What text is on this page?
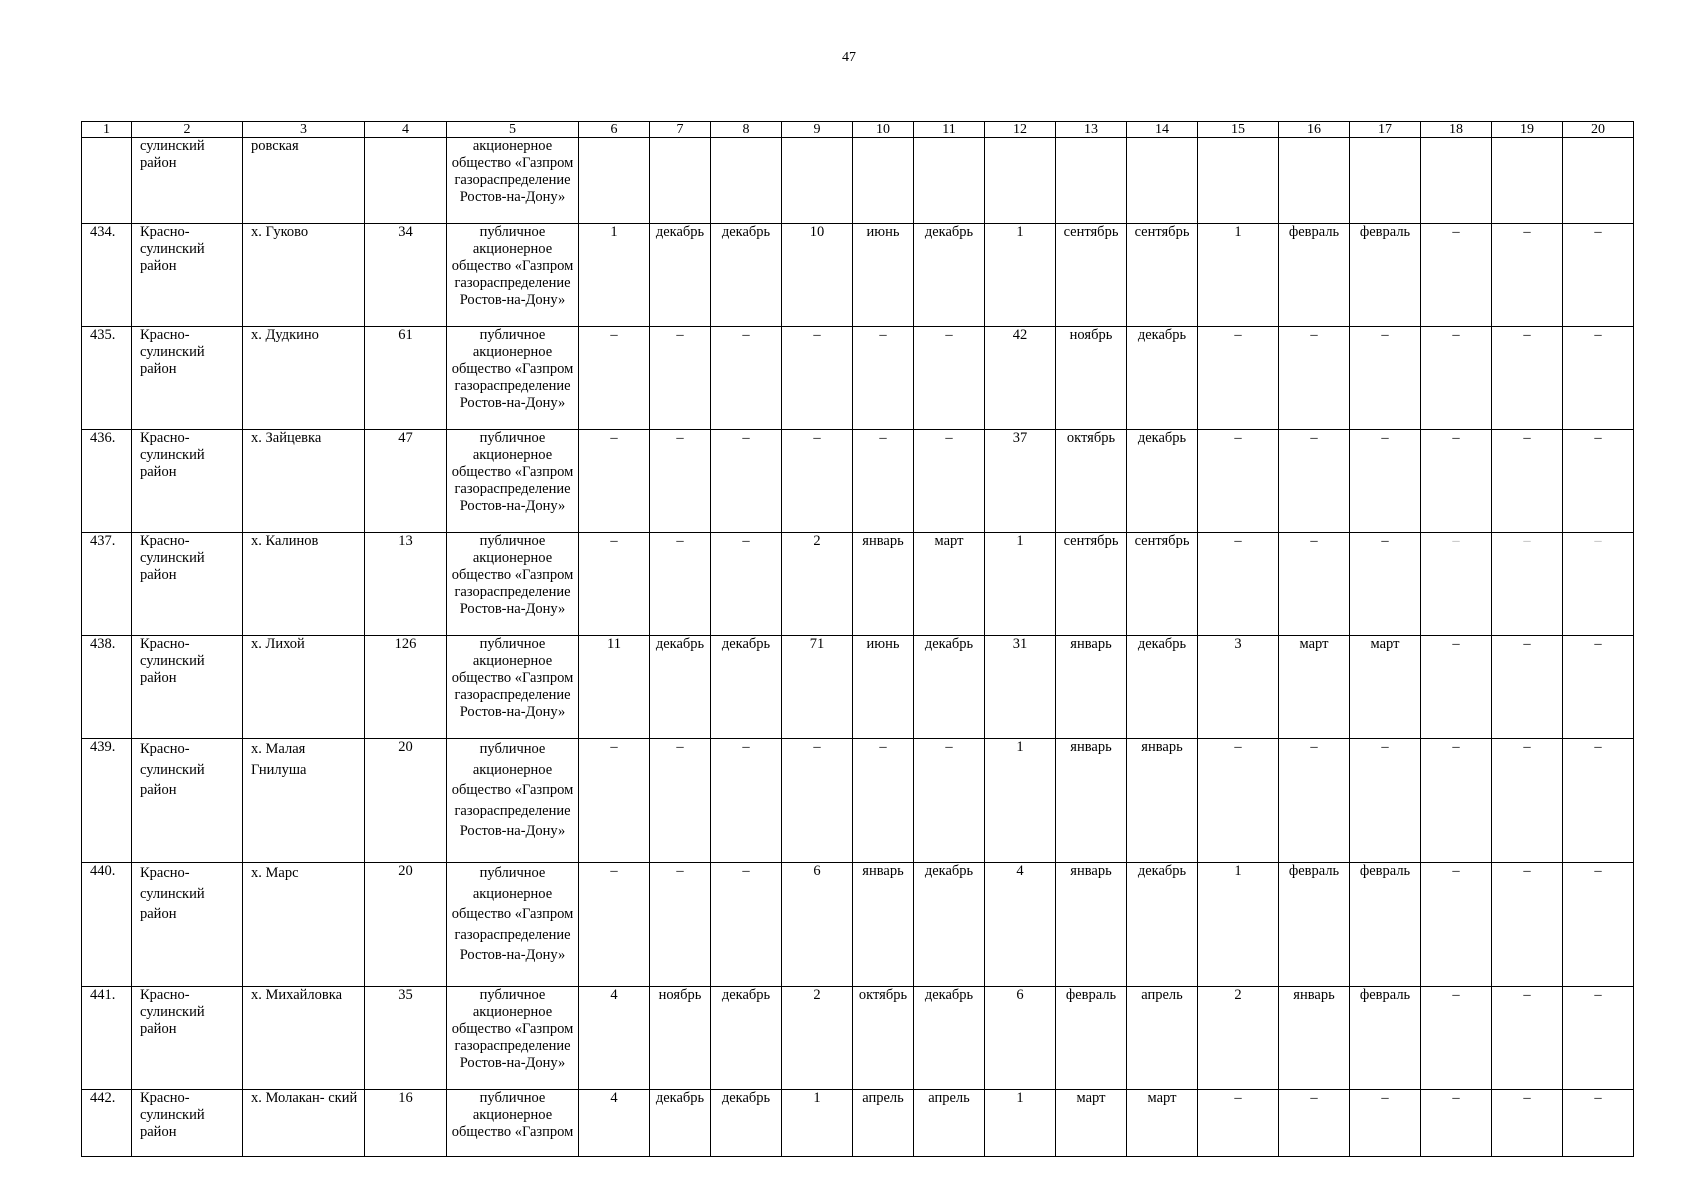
47
1	2	3	4	5	6	7	8	9	10	11	12	13	14	15	16	17	18	19	20
	сулинский район	ровская		акционерное общество «Газпром газораспределение Ростов-на-Дону»															
434.	Красно- сулинский район	х. Гуково	34	публичное акционерное общество «Газпром газораспределение Ростов-на-Дону»	1	декабрь	декабрь	10	июнь	декабрь	1	сентябрь	сентябрь	1	февраль	февраль	–	–	–
435.	Красно- сулинский район	х. Дудкино	61	публичное акционерное общество «Газпром газораспределение Ростов-на-Дону»	–	–	–	–	–	–	42	ноябрь	декабрь	–	–	–	–	–	–
436.	Красно- сулинский район	х. Зайцевка	47	публичное акционерное общество «Газпром газораспределение Ростов-на-Дону»	–	–	–	–	–	–	37	октябрь	декабрь	–	–	–	–	–	–
437.	Красно- сулинский район	х. Калинов	13	публичное акционерное общество «Газпром газораспределение Ростов-на-Дону»	–	–	–	2	январь	март	1	сентябрь	сентябрь	–	–	–	–	–	–
438.	Красно- сулинский район	х. Лихой	126	публичное акционерное общество «Газпром газораспределение Ростов-на-Дону»	11	декабрь	декабрь	71	июнь	декабрь	31	январь	декабрь	3	март	март	–	–	–
439.	Красно- сулинский район	х. Малая Гнилуша	20	публичное акционерное общество «Газпром газораспределение Ростов-на-Дону»	–	–	–	–	–	–	1	январь	январь	–	–	–	–	–	–
440.	Красно- сулинский район	х. Марс	20	публичное акционерное общество «Газпром газораспределение Ростов-на-Дону»	–	–	–	6	январь	декабрь	4	январь	декабрь	1	февраль	февраль	–	–	–
441.	Красно- сулинский район	х. Михайловка	35	публичное акционерное общество «Газпром газораспределение Ростов-на-Дону»	4	ноябрь	декабрь	2	октябрь	декабрь	6	февраль	апрель	2	январь	февраль	–	–	–
442.	Красно- сулинский район	х. Молакан- ский	16	публичное акционерное общество «Газпром	4	декабрь	декабрь	1	апрель	апрель	1	март	март	–	–	–	–	–	–
